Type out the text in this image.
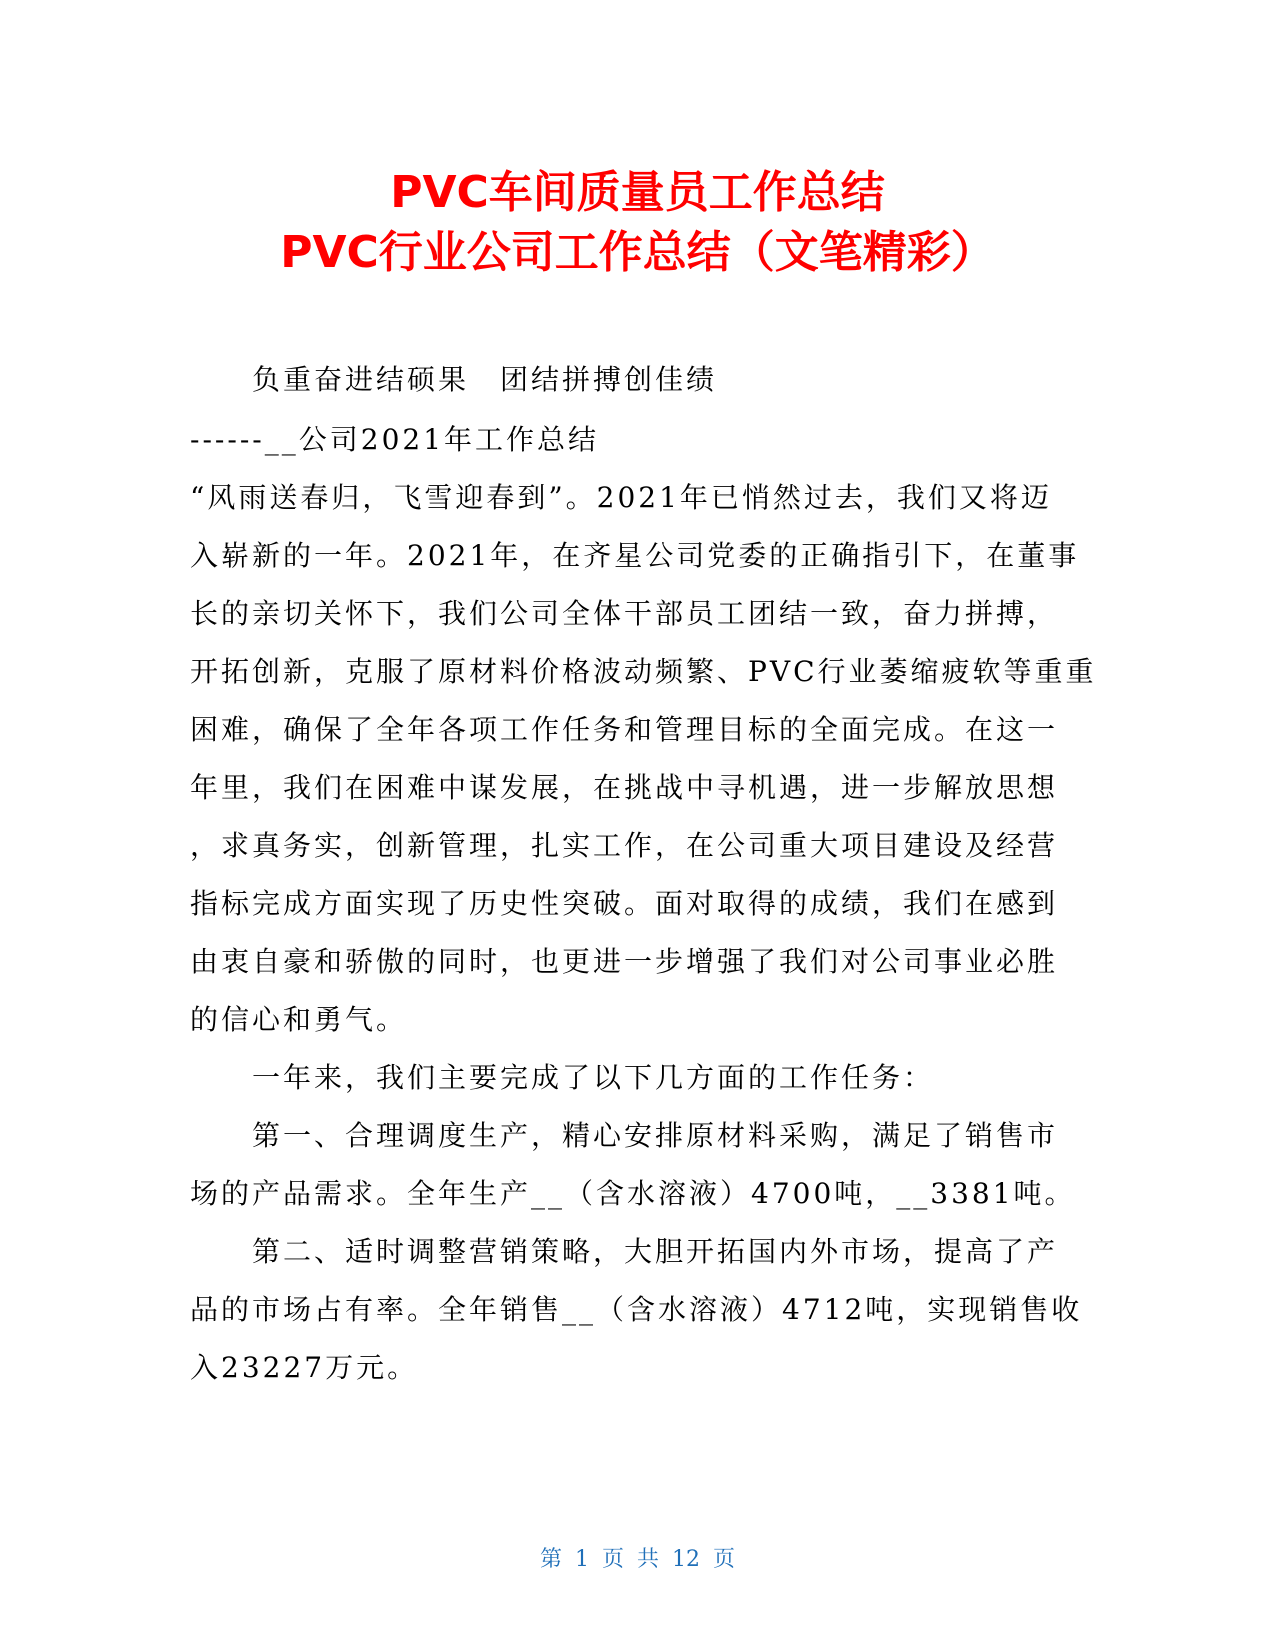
PVC车间质量员工作总结
PVC行业公司工作总结（文笔精彩）
负重奋进结硕果　团结拼搏创佳绩
------__公司2021年工作总结
“风雨送春归，飞雪迎春到”。2021年已悄然过去，我们又将迈
入崭新的一年。2021年，在齐星公司党委的正确指引下，在董事
长的亲切关怀下，我们公司全体干部员工团结一致，奋力拼搏，
开拓创新，克服了原材料价格波动频繁、PVC行业萎缩疲软等重重
困难，确保了全年各项工作任务和管理目标的全面完成。在这一
年里，我们在困难中谋发展，在挑战中寻机遇，进一步解放思想
，求真务实，创新管理，扎实工作，在公司重大项目建设及经营
指标完成方面实现了历史性突破。面对取得的成绩，我们在感到
由衷自豪和骄傲的同时，也更进一步增强了我们对公司事业必胜
的信心和勇气。
一年来，我们主要完成了以下几方面的工作任务：
第一、合理调度生产，精心安排原材料采购，满足了销售市
场的产品需求。全年生产__（含水溶液）4700吨，__3381吨。
第二、适时调整营销策略，大胆开拓国内外市场，提高了产
品的市场占有率。全年销售__（含水溶液）4712吨，实现销售收
入23227万元。
第 1 页 共 12 页
